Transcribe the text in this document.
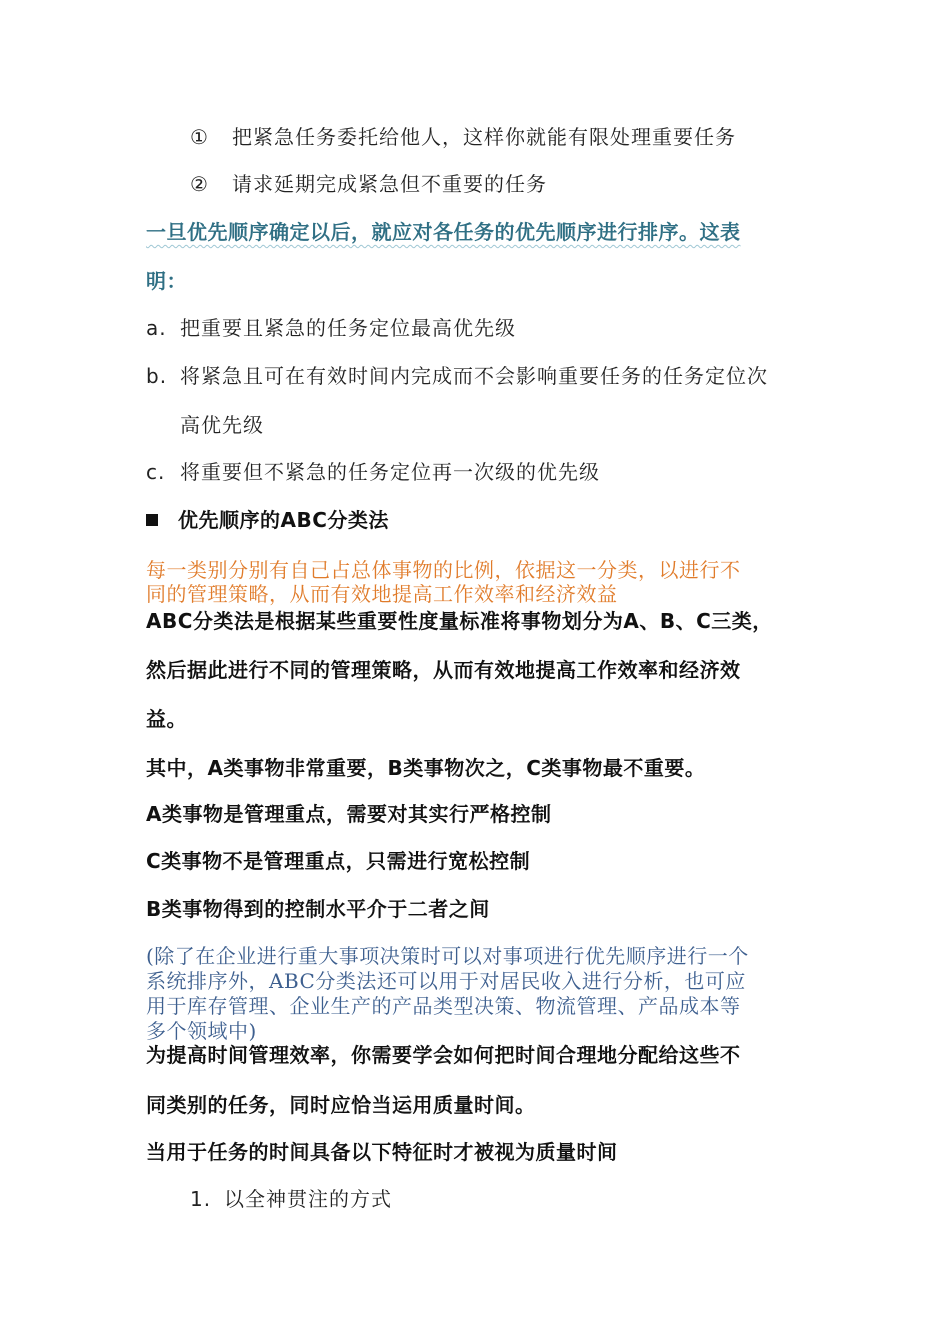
① 把紧急任务委托给他人，这样你就能有限处理重要任务
② 请求延期完成紧急但不重要的任务
一旦优先顺序确定以后，就应对各任务的优先顺序进行排序。这表
明：
a. 把重要且紧急的任务定位最高优先级
b. 将紧急且可在有效时间内完成而不会影响重要任务的任务定位次
高优先级
c. 将重要但不紧急的任务定位再一次级的优先级
优先顺序的ABC分类法
每一类别分别有自己占总体事物的比例，依据这一分类，以进行不
同的管理策略，从而有效地提高工作效率和经济效益
ABC分类法是根据某些重要性度量标准将事物划分为A、B、C三类，
然后据此进行不同的管理策略，从而有效地提高工作效率和经济效
益。
其中，A类事物非常重要，B类事物次之，C类事物最不重要。
A类事物是管理重点，需要对其实行严格控制
C类事物不是管理重点，只需进行宽松控制
B类事物得到的控制水平介于二者之间
(除了在企业进行重大事项决策时可以对事项进行优先顺序进行一个
系统排序外，ABC分类法还可以用于对居民收入进行分析，也可应
用于库存管理、企业生产的产品类型决策、物流管理、产品成本等
多个领域中)
为提高时间管理效率，你需要学会如何把时间合理地分配给这些不
同类别的任务，同时应恰当运用质量时间。
当用于任务的时间具备以下特征时才被视为质量时间
1. 以全神贯注的方式
